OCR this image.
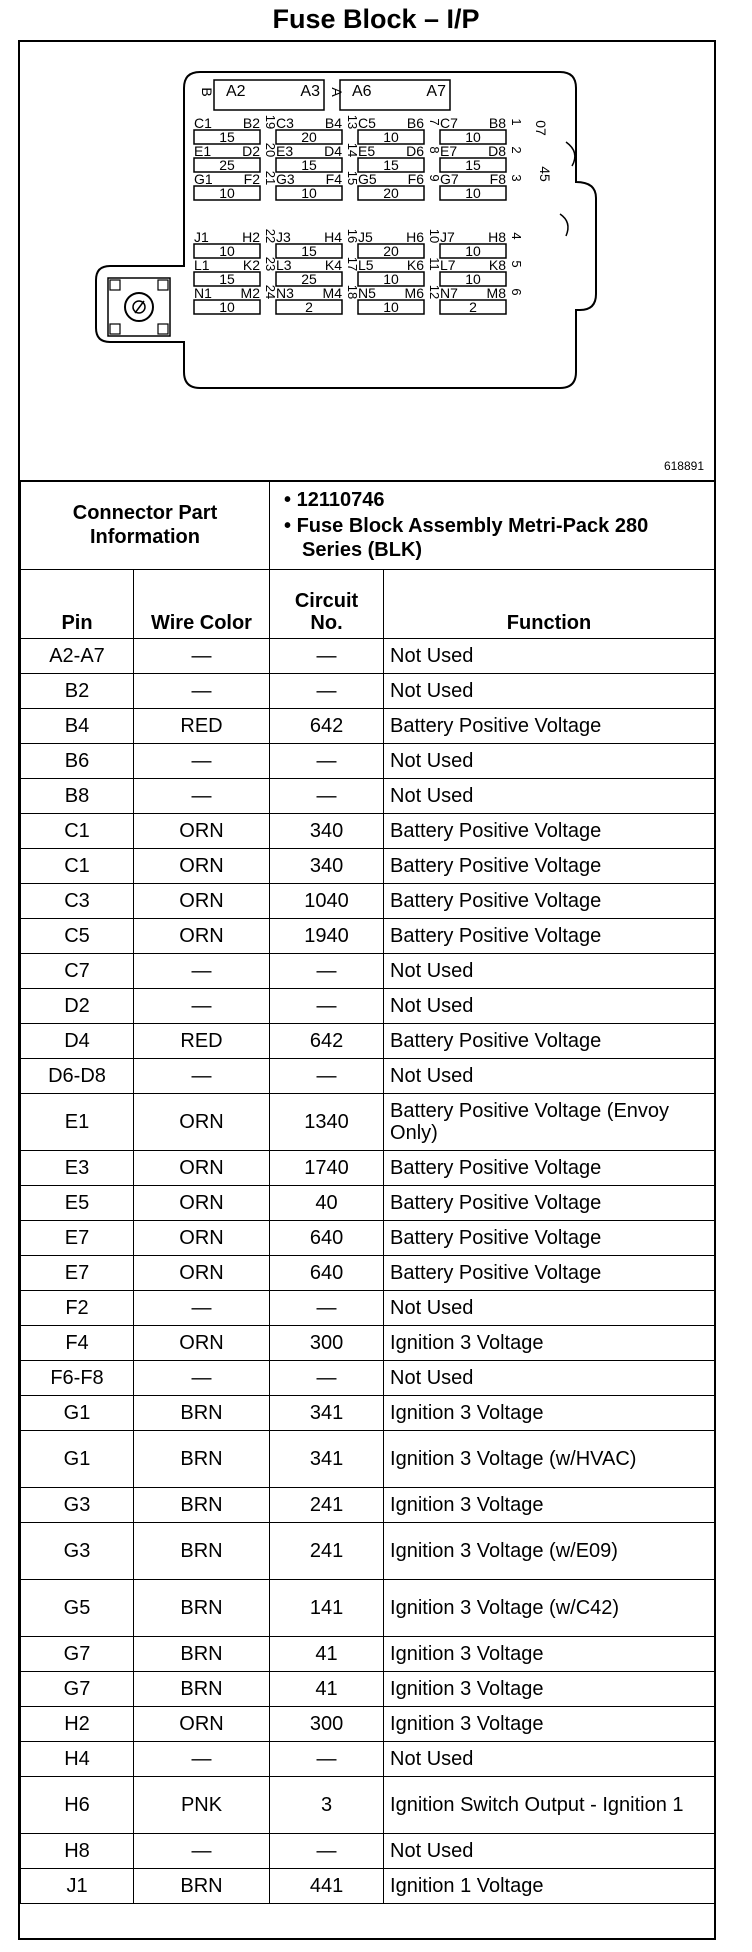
Fuse Block – I/P
B A2	A3 A A6	A7
C1 B2 19
15
C3 B4 13
20
C5 B6 7
10
C7 B8 1
10
E1 D2 20
25
E3 D4 14
15
E5 D6 8
15
E7 D8 2
15
G1 F2 21
10
G3 F4 15
10
G5 F6 9
20
G7 F8 3
10
J1 H2 22
10
J3 H4 16
15
J5 H6 10
20
J7 H8 4
10
L1 K2 23
15
L3 K4 17
25
L5 K6 11
10
L7 K8 5
10
N1 M2 24
10
N3 M4 18
2
N5 M6 12
10
N7 M8 6
2
07
45
618891
Connector Part Information		• 12110746
• Fuse Block Assembly Metri-Pack 280 Series (BLK)	

Pin	Wire Color	Circuit No.	Function
A2-A7	—	—	Not Used
B2	—	—	Not Used
B4	RED	642	Battery Positive Voltage
B6	—	—	Not Used
B8	—	—	Not Used
C1	ORN	340	Battery Positive Voltage
C1	ORN	340	Battery Positive Voltage
C3	ORN	1040	Battery Positive Voltage
C5	ORN	1940	Battery Positive Voltage
C7	—	—	Not Used
D2	—	—	Not Used
D4	RED	642	Battery Positive Voltage
D6-D8	—	—	Not Used
E1	ORN	1340	Battery Positive Voltage (Envoy Only)
E3	ORN	1740	Battery Positive Voltage
E5	ORN	40	Battery Positive Voltage
E7	ORN	640	Battery Positive Voltage
E7	ORN	640	Battery Positive Voltage
F2	—	—	Not Used
F4	ORN	300	Ignition 3 Voltage
F6-F8	—	—	Not Used
G1	BRN	341	Ignition 3 Voltage
G1	BRN	341	Ignition 3 Voltage (w/HVAC)
G3	BRN	241	Ignition 3 Voltage
G3	BRN	241	Ignition 3 Voltage (w/E09)
G5	BRN	141	Ignition 3 Voltage (w/C42)
G7	BRN	41	Ignition 3 Voltage
G7	BRN	41	Ignition 3 Voltage
H2	ORN	300	Ignition 3 Voltage
H4	—	—	Not Used
H6	PNK	3	Ignition Switch Output - Ignition 1
H8	—	—	Not Used
J1	BRN	441	Ignition 1 Voltage
